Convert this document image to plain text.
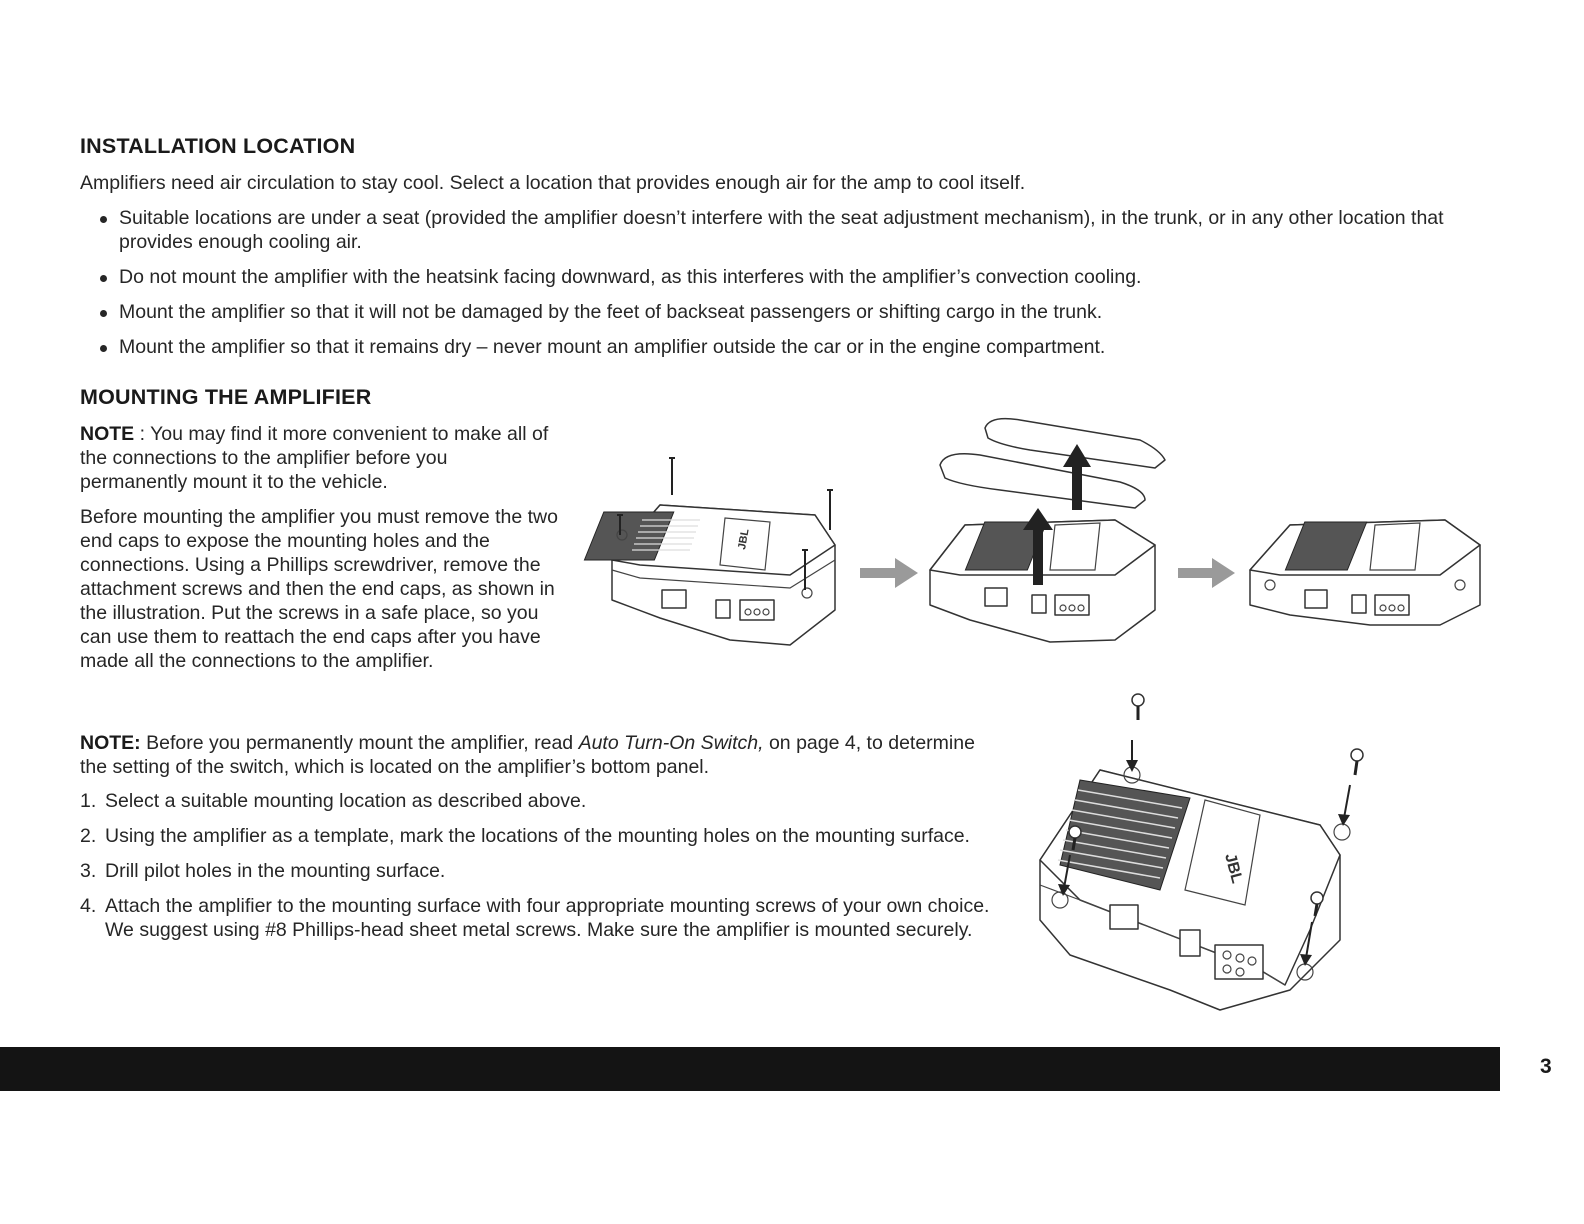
INSTALLATION LOCATION

Amplifiers need air circulation to stay cool. Select a location that provides enough air for the amp to cool itself.

Suitable locations are under a seat (provided the amplifier doesn’t interfere with the seat adjustment mechanism), in the trunk, or in any other location that provides enough cooling air.
Do not mount the amplifier with the heatsink facing downward, as this interferes with the amplifier’s convection cooling.
Mount the amplifier so that it will not be damaged by the feet of backseat passengers or shifting cargo in the trunk.
Mount the amplifier so that it remains dry – never mount an amplifier outside the car or in the engine compartment.
MOUNTING THE AMPLIFIER

NOTE : You may find it more convenient to make all of the connections to the amplifier before you permanently mount it to the vehicle.

Before mounting the amplifier you must remove the two end caps to expose the mounting holes and the connections. Using a Phillips screwdriver, remove the attachment screws and then the end caps, as shown in the illustration. Put the screws in a safe place, so you can use them to reattach the end caps after you have made all the connections to the amplifier.

NOTE: Before you permanently mount the amplifier, read Auto Turn-On Switch, on page 4, to determine the setting of the switch, which is located on the amplifier’s bottom panel.

1. Select a suitable mounting location as described above.
2. Using the amplifier as a template, mark the locations of the mounting holes on the mounting surface.
3. Drill pilot holes in the mounting surface.
4. Attach the amplifier to the mounting surface with four appropriate mounting screws of your own choice. We suggest using #8 Phillips-head sheet metal screws. Make sure the amplifier is mounted securely.
JBL
JBL
3
